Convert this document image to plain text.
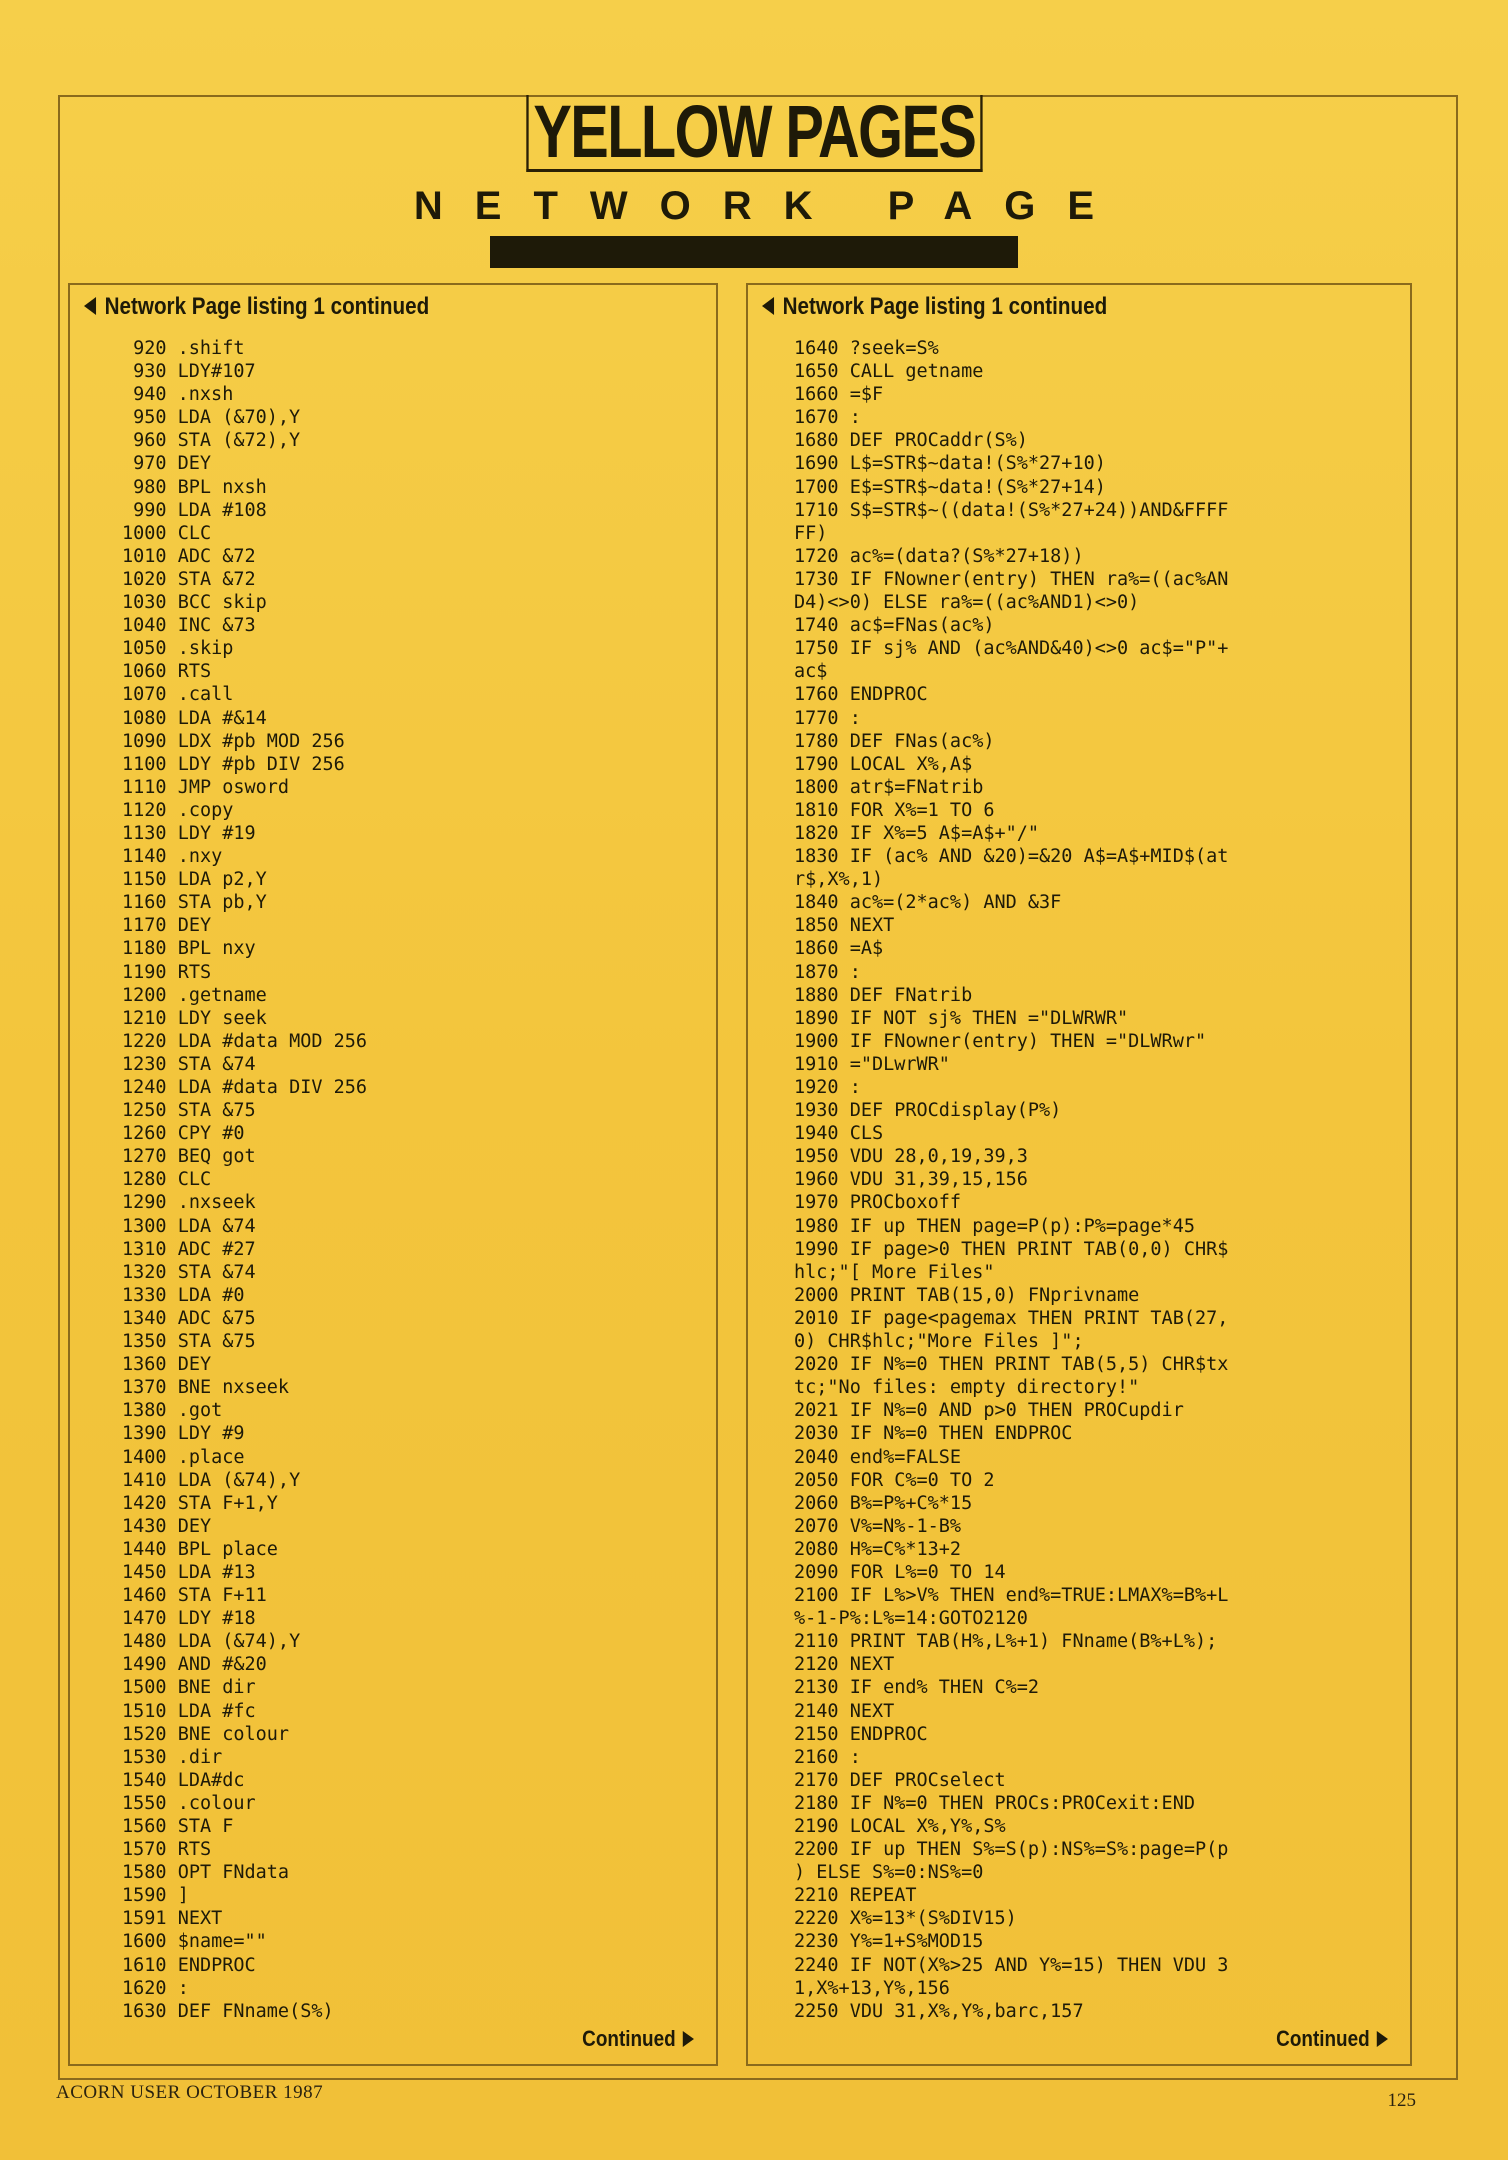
YELLOW PAGES
NETWORK PAGE
Network Page listing 1 continued
920 .shift
930 LDY#107
940 .nxsh
950 LDA (&70),Y
960 STA (&72),Y
970 DEY
980 BPL nxsh
990 LDA #108
1000 CLC
1010 ADC &72
1020 STA &72
1030 BCC skip
1040 INC &73
1050 .skip
1060 RTS
1070 .call
1080 LDA #&14
1090 LDX #pb MOD 256
1100 LDY #pb DIV 256
1110 JMP osword
1120 .copy
1130 LDY #19
1140 .nxy
1150 LDA p2,Y
1160 STA pb,Y
1170 DEY
1180 BPL nxy
1190 RTS
1200 .getname
1210 LDY seek
1220 LDA #data MOD 256
1230 STA &74
1240 LDA #data DIV 256
1250 STA &75
1260 CPY #0
1270 BEQ got
1280 CLC
1290 .nxseek
1300 LDA &74
1310 ADC #27
1320 STA &74
1330 LDA #0
1340 ADC &75
1350 STA &75
1360 DEY
1370 BNE nxseek
1380 .got
1390 LDY #9
1400 .place
1410 LDA (&74),Y
1420 STA F+1,Y
1430 DEY
1440 BPL place
1450 LDA #13
1460 STA F+11
1470 LDY #18
1480 LDA (&74),Y
1490 AND #&20
1500 BNE dir
1510 LDA #fc
1520 BNE colour
1530 .dir
1540 LDA#dc
1550 .colour
1560 STA F
1570 RTS
1580 OPT FNdata
1590 ]
1591 NEXT
1600 $name=""
1610 ENDPROC
1620 :
1630 DEF FNname(S%)
Continued
Network Page listing 1 continued
1640 ?seek=S%
1650 CALL getname
1660 =$F
1670 :
1680 DEF PROCaddr(S%)
1690 L$=STR$~data!(S%*27+10)
1700 E$=STR$~data!(S%*27+14)
1710 S$=STR$~((data!(S%*27+24))AND&FFFF
FF)
1720 ac%=(data?(S%*27+18))
1730 IF FNowner(entry) THEN ra%=((ac%AN
D4)<>0) ELSE ra%=((ac%AND1)<>0)
1740 ac$=FNas(ac%)
1750 IF sj% AND (ac%AND&40)<>0 ac$="P"+
ac$
1760 ENDPROC
1770 :
1780 DEF FNas(ac%)
1790 LOCAL X%,A$
1800 atr$=FNatrib
1810 FOR X%=1 TO 6
1820 IF X%=5 A$=A$+"/"
1830 IF (ac% AND &20)=&20 A$=A$+MID$(at
r$,X%,1)
1840 ac%=(2*ac%) AND &3F
1850 NEXT
1860 =A$
1870 :
1880 DEF FNatrib
1890 IF NOT sj% THEN ="DLWRWR"
1900 IF FNowner(entry) THEN ="DLWRwr"
1910 ="DLwrWR"
1920 :
1930 DEF PROCdisplay(P%)
1940 CLS
1950 VDU 28,0,19,39,3
1960 VDU 31,39,15,156
1970 PROCboxoff
1980 IF up THEN page=P(p):P%=page*45
1990 IF page>0 THEN PRINT TAB(0,0) CHR$
hlc;"[ More Files"
2000 PRINT TAB(15,0) FNprivname
2010 IF page<pagemax THEN PRINT TAB(27,
0) CHR$hlc;"More Files ]";
2020 IF N%=0 THEN PRINT TAB(5,5) CHR$tx
tc;"No files: empty directory!"
2021 IF N%=0 AND p>0 THEN PROCupdir
2030 IF N%=0 THEN ENDPROC
2040 end%=FALSE
2050 FOR C%=0 TO 2
2060 B%=P%+C%*15
2070 V%=N%-1-B%
2080 H%=C%*13+2
2090 FOR L%=0 TO 14
2100 IF L%>V% THEN end%=TRUE:LMAX%=B%+L
%-1-P%:L%=14:GOTO2120
2110 PRINT TAB(H%,L%+1) FNname(B%+L%);
2120 NEXT
2130 IF end% THEN C%=2
2140 NEXT
2150 ENDPROC
2160 :
2170 DEF PROCselect
2180 IF N%=0 THEN PROCs:PROCexit:END
2190 LOCAL X%,Y%,S%
2200 IF up THEN S%=S(p):NS%=S%:page=P(p
) ELSE S%=0:NS%=0
2210 REPEAT
2220 X%=13*(S%DIV15)
2230 Y%=1+S%MOD15
2240 IF NOT(X%>25 AND Y%=15) THEN VDU 3
1,X%+13,Y%,156
2250 VDU 31,X%,Y%,barc,157
Continued
ACORN USER OCTOBER 1987	125
